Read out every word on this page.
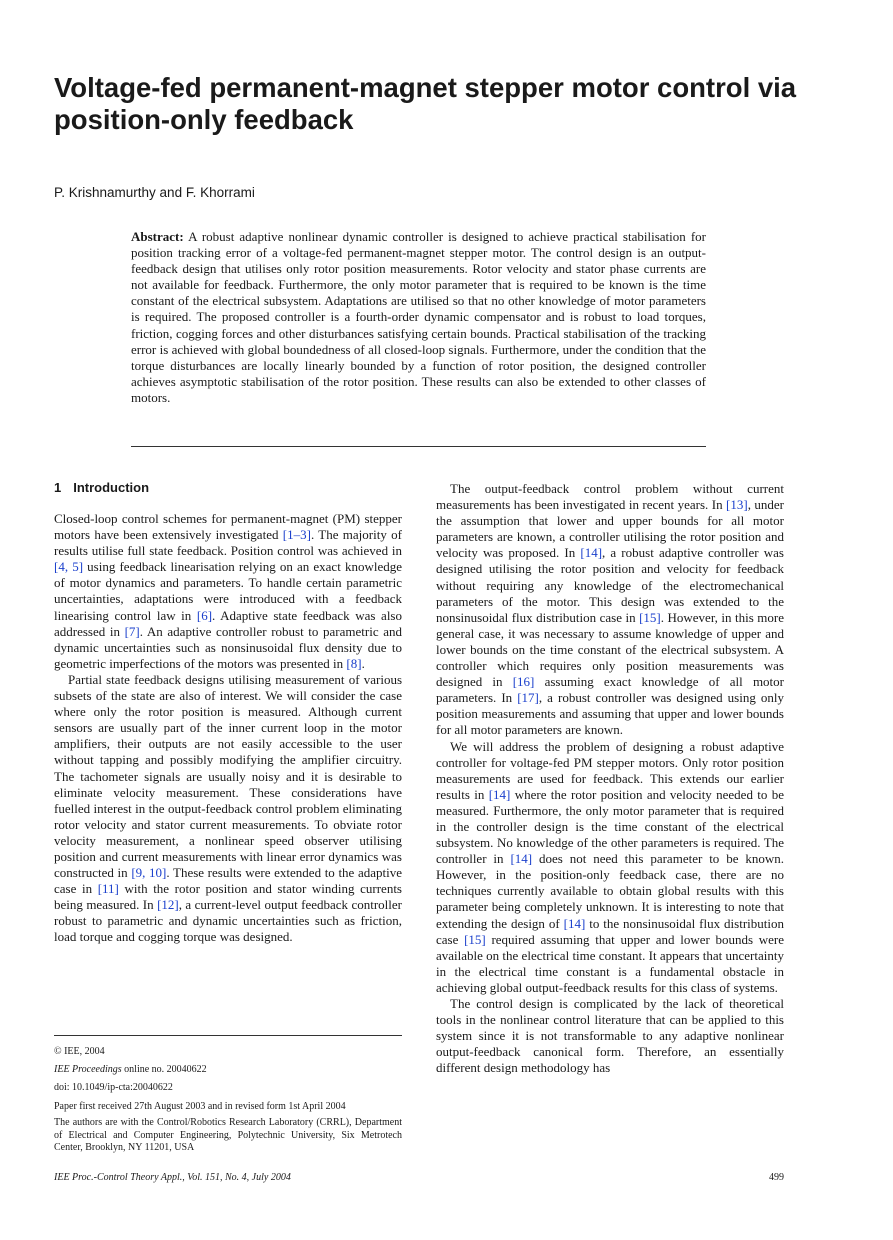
Voltage-fed permanent-magnet stepper motor control via position-only feedback
P. Krishnamurthy and F. Khorrami

Abstract: A robust adaptive nonlinear dynamic controller is designed to achieve practical stabilisation for position tracking error of a voltage-fed permanent-magnet stepper motor. The control design is an output-feedback design that utilises only rotor position measurements. Rotor velocity and stator phase currents are not available for feedback. Furthermore, the only motor parameter that is required to be known is the time constant of the electrical subsystem. Adaptations are utilised so that no other knowledge of motor parameters is required. The proposed controller is a fourth-order dynamic compensator and is robust to load torques, friction, cogging forces and other disturbances satisfying certain bounds. Practical stabilisation of the tracking error is achieved with global boundedness of all closed-loop signals. Furthermore, under the condition that the torque disturbances are locally linearly bounded by a function of rotor position, the designed controller achieves asymptotic stabilisation of the rotor position. These results can also be extended to other classes of motors.

1 Introduction

Closed-loop control schemes for permanent-magnet (PM) stepper motors have been extensively investigated [1–3]. The majority of results utilise full state feedback. Position control was achieved in [4, 5] using feedback linearisation relying on an exact knowledge of motor dynamics and parameters. To handle certain parametric uncertainties, adaptations were introduced with a feedback linearising control law in [6]. Adaptive state feedback was also addressed in [7]. An adaptive controller robust to parametric and dynamic uncertainties such as nonsinusoidal flux density due to geometric imperfections of the motors was presented in [8].

Partial state feedback designs utilising measurement of various subsets of the state are also of interest. We will consider the case where only the rotor position is measured. Although current sensors are usually part of the inner current loop in the motor amplifiers, their outputs are not easily accessible to the user without tapping and possibly modifying the amplifier circuitry. The tachometer signals are usually noisy and it is desirable to eliminate velocity measurement. These considerations have fuelled interest in the output-feedback control problem eliminating rotor velocity and stator current measurements. To obviate rotor velocity measurement, a nonlinear speed observer utilising position and current measurements with linear error dynamics was constructed in [9, 10]. These results were extended to the adaptive case in [11] with the rotor position and stator winding currents being measured. In [12], a current-level output feedback controller robust to parametric and dynamic uncertainties such as friction, load torque and cogging torque was designed.

The output-feedback control problem without current measurements has been investigated in recent years. In [13], under the assumption that lower and upper bounds for all motor parameters are known, a controller utilising the rotor position and velocity was proposed. In [14], a robust adaptive controller was designed utilising the rotor position and velocity for feedback without requiring any knowledge of the electromechanical parameters of the motor. This design was extended to the nonsinusoidal flux distribution case in [15]. However, in this more general case, it was necessary to assume knowledge of upper and lower bounds on the time constant of the electrical subsystem. A controller which requires only position measurements was designed in [16] assuming exact knowledge of all motor parameters. In [17], a robust controller was designed using only position measurements and assuming that upper and lower bounds for all motor parameters are known.

We will address the problem of designing a robust adaptive controller for voltage-fed PM stepper motors. Only rotor position measurements are used for feedback. This extends our earlier results in [14] where the rotor position and velocity needed to be measured. Furthermore, the only motor parameter that is required in the controller design is the time constant of the electrical subsystem. No knowledge of the other parameters is required. The controller in [14] does not need this parameter to be known. However, in the position-only feedback case, there are no techniques currently available to obtain global results with this parameter being completely unknown. It is interesting to note that extending the design of [14] to the nonsinusoidal flux distribution case [15] required assuming that upper and lower bounds were available on the electrical time constant. It appears that uncertainty in the electrical time constant is a fundamental obstacle in achieving global output-feedback results for this class of systems.

The control design is complicated by the lack of theoretical tools in the nonlinear control literature that can be applied to this system since it is not transformable to any adaptive nonlinear output-feedback canonical form. Therefore, an essentially different design methodology has

© IEE, 2004

IEE Proceedings online no. 20040622

doi: 10.1049/ip-cta:20040622

Paper first received 27th August 2003 and in revised form 1st April 2004

The authors are with the Control/Robotics Research Laboratory (CRRL), Department of Electrical and Computer Engineering, Polytechnic University, Six Metrotech Center, Brooklyn, NY 11201, USA

IEE Proc.-Control Theory Appl., Vol. 151, No. 4, July 2004	499
